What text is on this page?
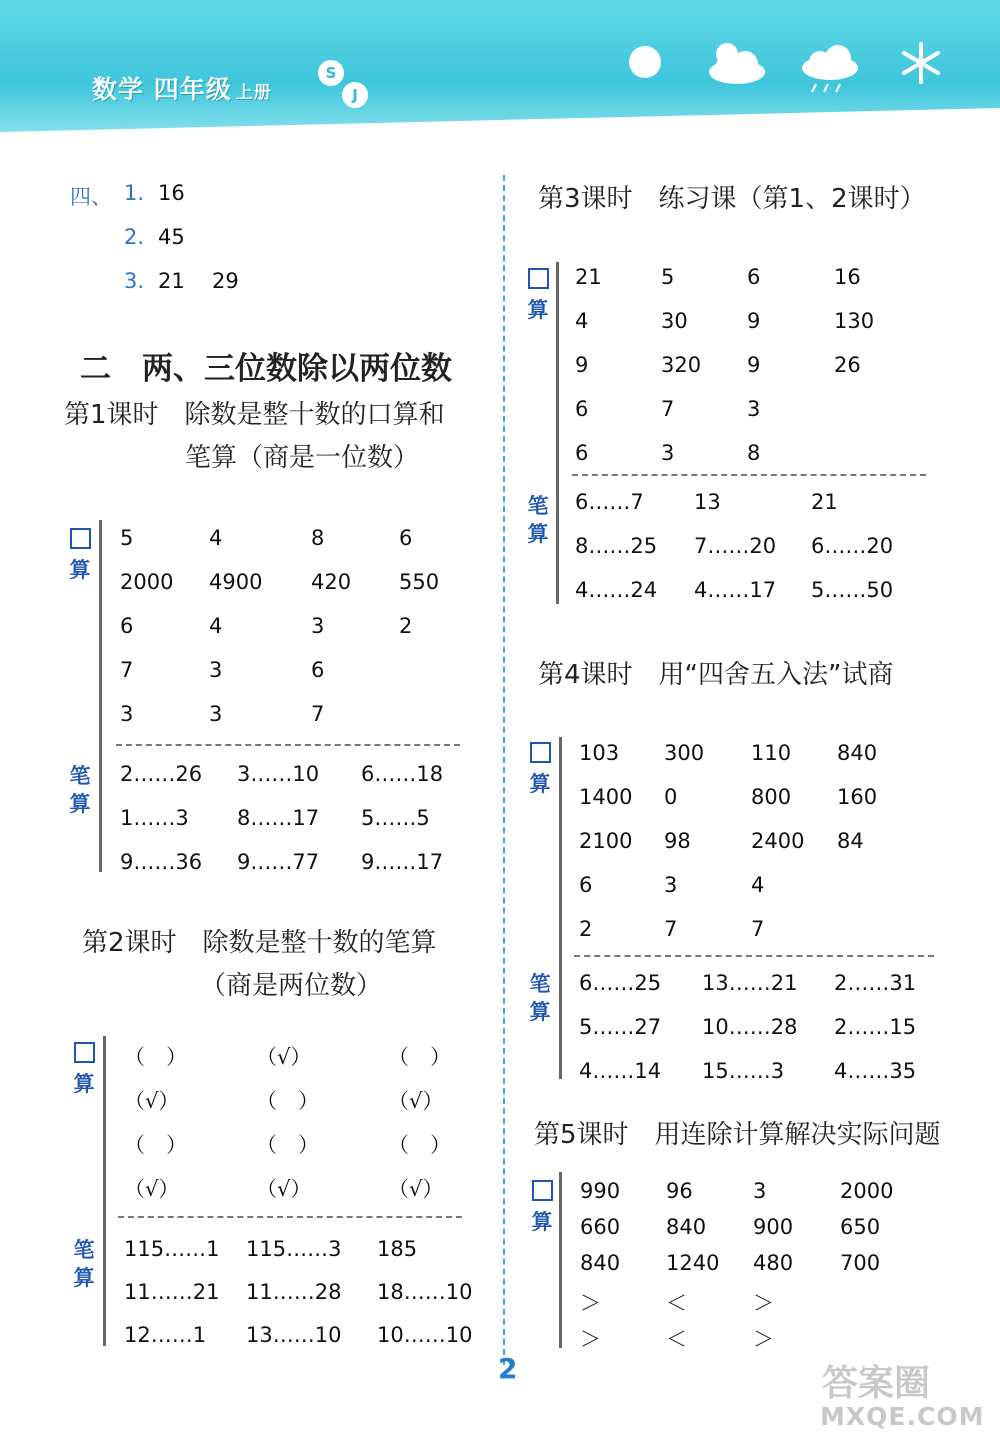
数学 四年级 上册
S
J
四、 1. 16
2. 45
3. 21 29
二　两、三位数除以两位数
第1课时　除数是整十数的口算和
笔算（商是一位数）

算
笔
算
第2课时　除数是整十数的笔算
（商是两位数）

算
笔
算
第3课时　练习课（第1、2课时）

算
笔
算
第4课时　用“四舍五入法”试商

算
笔
算
第5课时　用连除计算解决实际问题

算
2	答案圈
MXQE.COM
5	4	8	6
2000 4900 420 550
6	4	3	2
7	3	6
3	3	7
2……26 3……10 6……18
1……3 8……17 5……5
9……36 9……77 9……17
（　）	（√）	（　）
（√）	（　）	（√）
（　）	（　）	（　）
（√）	（√）	（√）
115……1 115……3 185
11……21 11……28 18……10
12……1 13……10 10……10
21	5	6	16
4	30	9	130
9	320 9	26
6	7	3
6	3	8
6……7 13	21
8……25 7……20 6……20
4……24 4……17 5……50
103 300 110 840
1400 0	800 160
2100 98	2400 84
6	3	4
2	7	7
6……25 13……21 2……31
5……27 10……28 2……15
4……14 15……3 4……35
990 96	3	2000
660 840 900 650
840 1240 480 700
＞	＜	＞
＞	＜	＞
